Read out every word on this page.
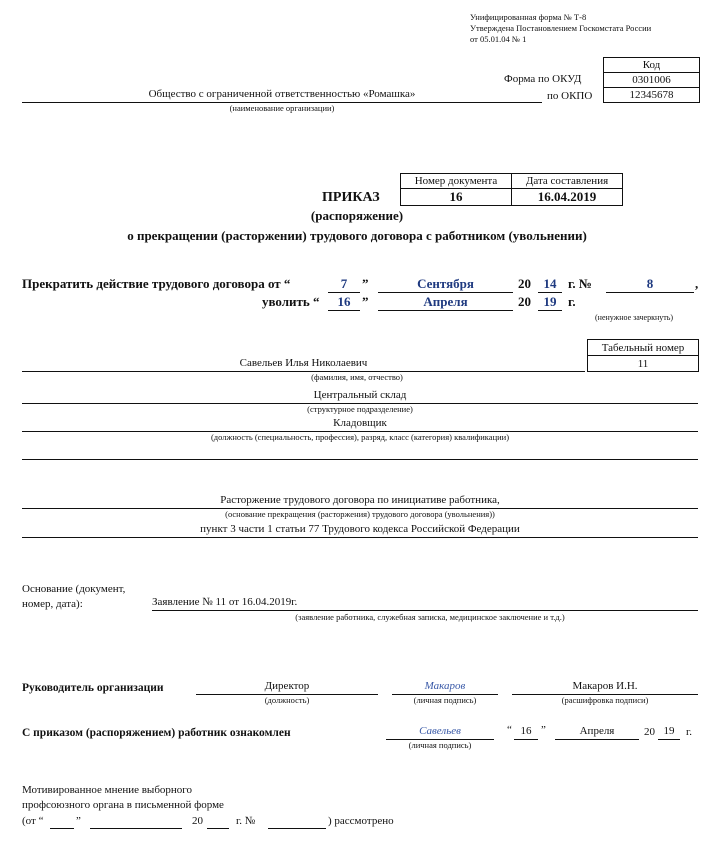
Унифицированная форма № Т-8
Утверждена Постановлением Госкомстата России
от 05.01.04 № 1
Форма по ОКУД
по ОКПО
Код
0301006
12345678
Общество с ограниченной ответственностью «Ромашка»
(наименование организации)
Номер документа	Дата составления
16	16.04.2019
ПРИКАЗ
(распоряжение)
о прекращении (расторжении) трудового договора с работником (увольнении)
Прекратить действие трудового договора от “	7	”	Сентября	20 14 г. №	8	,
уволить “	16 ”	Апреля	20 19 г.
(ненужное зачеркнуть)
Табельный номер
11
Савельев Илья Николаевич
(фамилия, имя, отчество)
Центральный склад
(структурное подразделение)
Кладовщик
(должность (специальность, профессия), разряд, класс (категория) квалификации)
Расторжение трудового договора по инициативе работника,
(основание прекращения (расторжения) трудового договора (увольнения))
пункт 3 части 1 статьи 77 Трудового кодекса Российской Федерации
Основание (документ,
номер, дата):	Заявление № 11 от 16.04.2019г.
(заявление работника, служебная записка, медицинское заключение и т.д.)
Руководитель организации	Директор
(должность)
Макаров
(личная подпись)
Макаров И.Н.
(расшифровка подписи)
С приказом (распоряжением) работник ознакомлен	Савельев
(личная подпись)
“ 16 ”	Апреля	20 19	г.
Мотивированное мнение выборного
профсоюзного органа в письменной форме
(от “	”	20	г. №	) рассмотрено
